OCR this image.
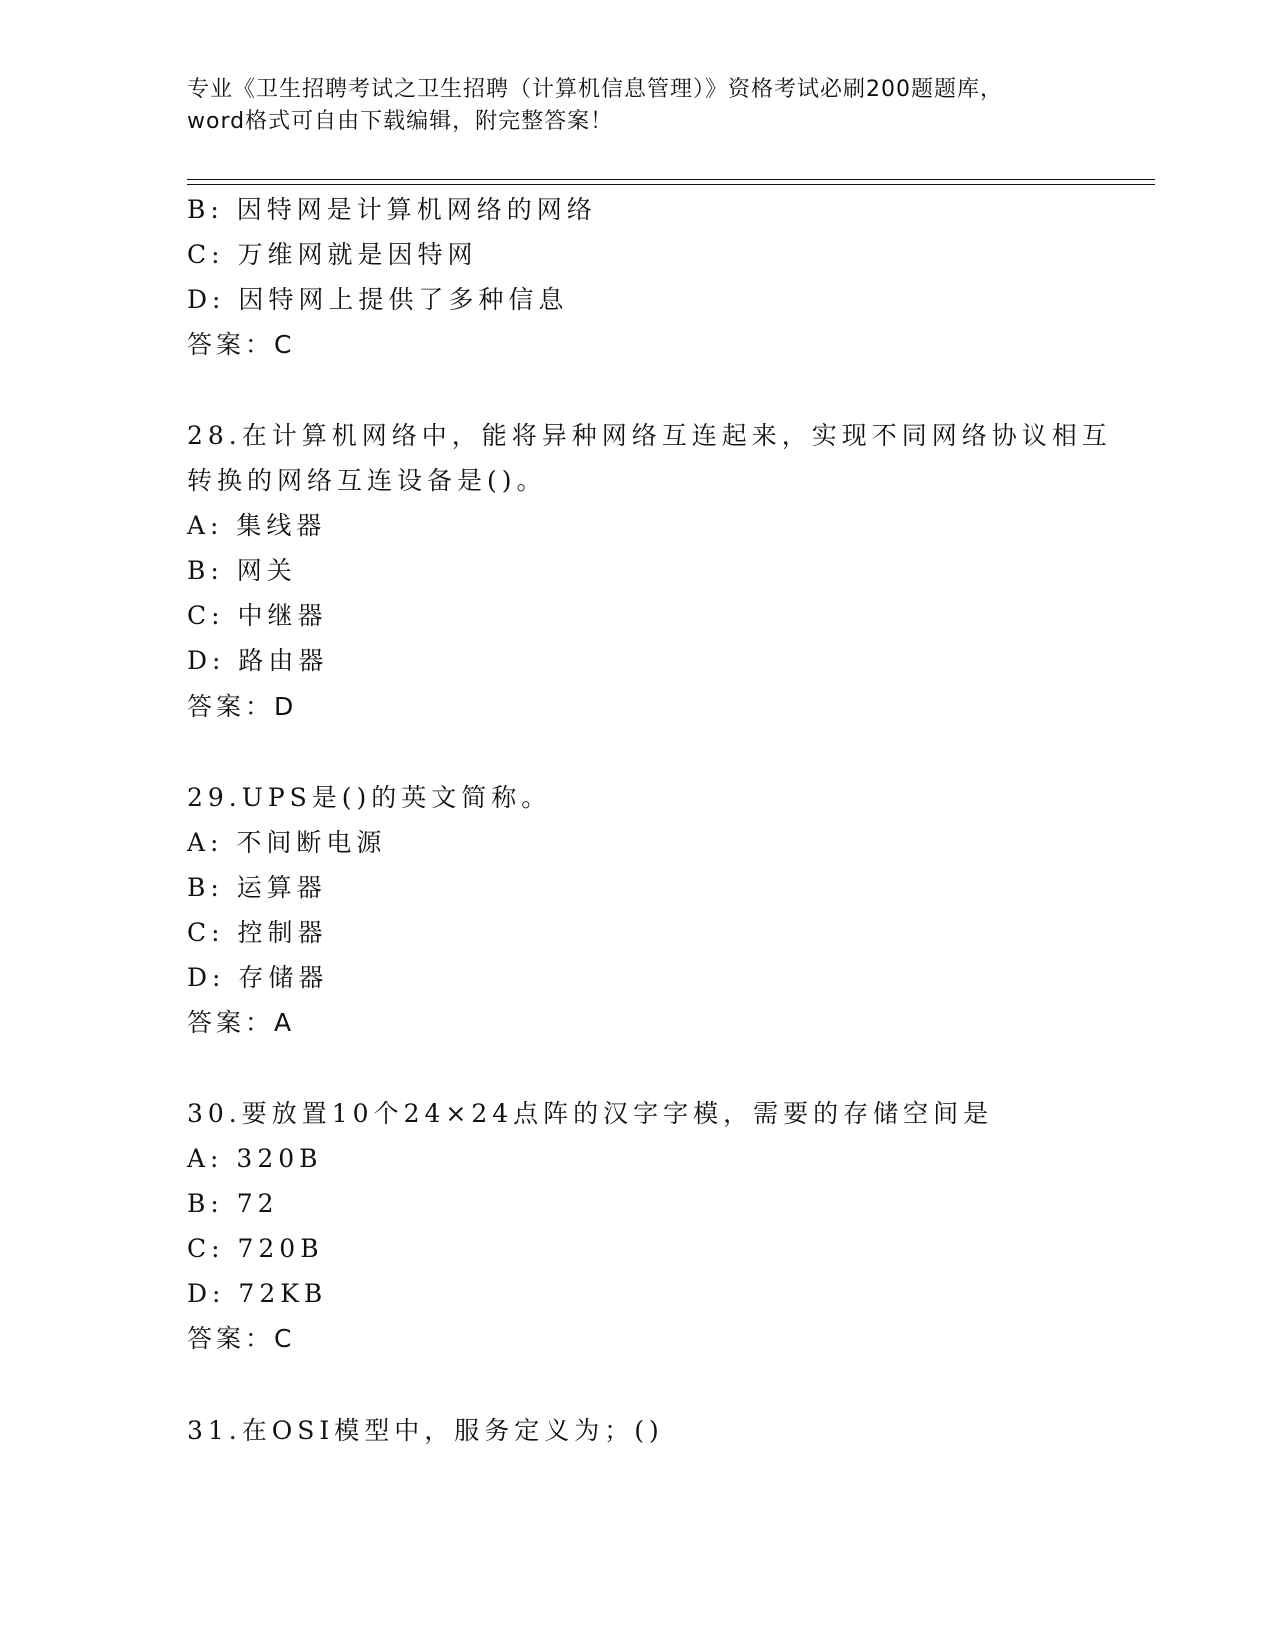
专业《卫生招聘考试之卫生招聘（计算机信息管理）》资格考试必刷200题题库，
word格式可自由下载编辑，附完整答案！
B: 因特网是计算机网络的网络
C: 万维网就是因特网
D: 因特网上提供了多种信息
答案：C
28.在计算机网络中，能将异种网络互连起来，实现不同网络协议相互
转换的网络互连设备是()。
A: 集线器
B: 网关
C: 中继器
D: 路由器
答案：D
29.UPS是()的英文简称。
A: 不间断电源
B: 运算器
C: 控制器
D: 存储器
答案：A
30.要放置10个24×24点阵的汉字字模，需要的存储空间是
A: 320B
B: 72
C: 720B
D: 72KB
答案：C
31.在OSI模型中，服务定义为；()
